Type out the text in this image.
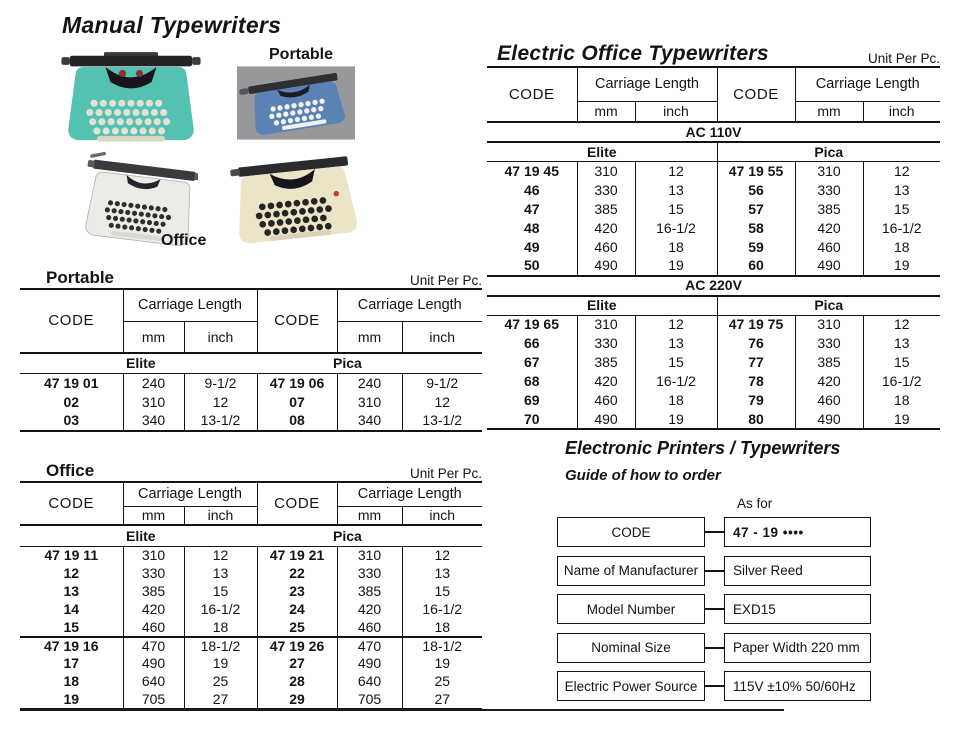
Manual Typewriters
Portable
Office
Portable	Unit Per Pc.
CODE	Carriage Length		CODE	Carriage Length	
	mm	inch		mm	inch
Elite			Pica		
47 19 01	240	9-1/2	47 19 06	240	9-1/2
02	310	12	07	310	12
03	340	13-1/2	08	340	13-1/2
Office	Unit Per Pc.
CODE	Carriage Length		CODE	Carriage Length	
	mm	inch		mm	inch
Elite			Pica		
47 19 11	310	12	47 19 21	310	12
12	330	13	22	330	13
13	385	15	23	385	15
14	420	16-1/2	24	420	16-1/2
15	460	18	25	460	18
47 19 16	470	18-1/2	47 19 26	470	18-1/2
17	490	19	27	490	19
18	640	25	28	640	25
19	705	27	29	705	27
Electric Office Typewriters	Unit Per Pc.
CODE	Carriage Length		CODE	Carriage Length	
	mm	inch		mm	inch
AC 110V					
Elite			Pica		
47 19 45	310	12	47 19 55	310	12
46	330	13	56	330	13
47	385	15	57	385	15
48	420	16-1/2	58	420	16-1/2
49	460	18	59	460	18
50	490	19	60	490	19
AC 220V					
Elite			Pica		
47 19 65	310	12	47 19 75	310	12
66	330	13	76	330	13
67	385	15	77	385	15
68	420	16-1/2	78	420	16-1/2
69	460	18	79	460	18
70	490	19	80	490	19
Electronic Printers / Typewriters
Guide of how to order
As for
CODE	47 - 19 ••••
Name of Manufacturer	Silver Reed
Model Number	EXD15
Nominal Size	Paper Width 220 mm
Electric Power Source	115V ±10% 50/60Hz
